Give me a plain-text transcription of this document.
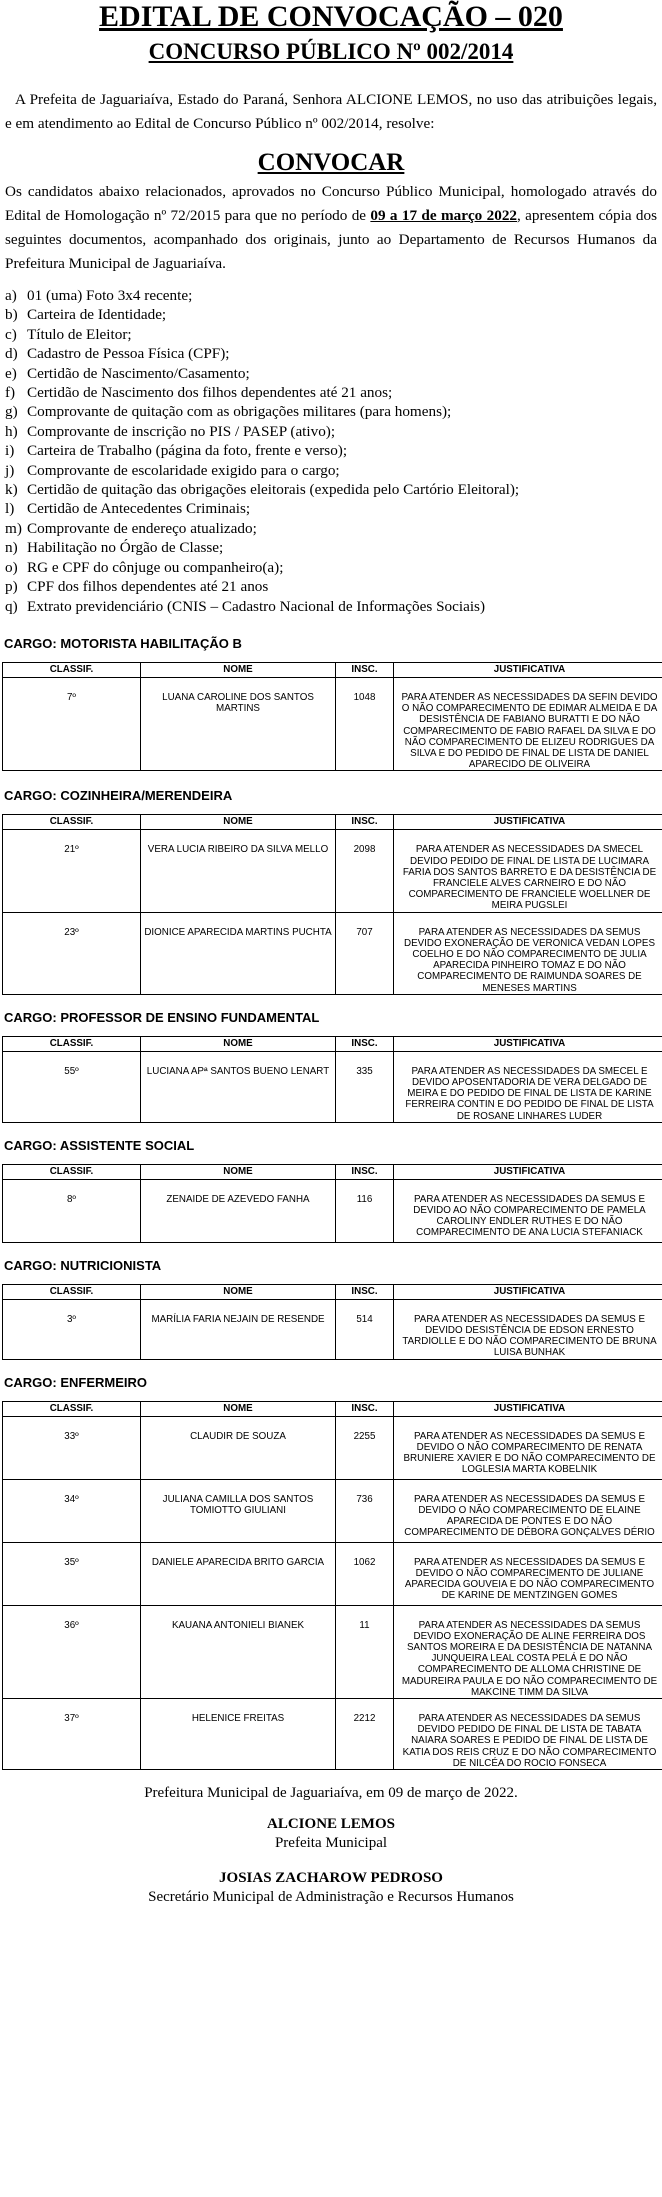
EDITAL DE CONVOCAÇÃO – 020
CONCURSO PÚBLICO Nº 002/2014

A Prefeita de Jaguariaíva, Estado do Paraná, Senhora ALCIONE LEMOS, no uso das atribuições legais, e em atendimento ao Edital de Concurso Público nº 002/2014, resolve:

CONVOCAR

Os candidatos abaixo relacionados, aprovados no Concurso Público Municipal, homologado através do Edital de Homologação nº 72/2015 para que no período de 09 a 17 de março 2022, apresentem cópia dos seguintes documentos, acompanhado dos originais, junto ao Departamento de Recursos Humanos da Prefeitura Municipal de Jaguariaíva.

a) 01 (uma) Foto 3x4 recente;
b) Carteira de Identidade;
c) Título de Eleitor;
d) Cadastro de Pessoa Física (CPF);
e) Certidão de Nascimento/Casamento;
f) Certidão de Nascimento dos filhos dependentes até 21 anos;
g) Comprovante de quitação com as obrigações militares (para homens);
h) Comprovante de inscrição no PIS / PASEP (ativo);
i) Carteira de Trabalho (página da foto, frente e verso);
j) Comprovante de escolaridade exigido para o cargo;
k) Certidão de quitação das obrigações eleitorais (expedida pelo Cartório Eleitoral);
l) Certidão de Antecedentes Criminais;
m) Comprovante de endereço atualizado;
n) Habilitação no Órgão de Classe;
o) RG e CPF do cônjuge ou companheiro(a);
p) CPF dos filhos dependentes até 21 anos
q) Extrato previdenciário (CNIS – Cadastro Nacional de Informações Sociais)
CARGO: MOTORISTA HABILITAÇÃO B
CLASSIF.	NOME	INSC.	JUSTIFICATIVA

7º	LUANA CAROLINE DOS SANTOS MARTINS	1048	PARA ATENDER AS NECESSIDADES DA SEFIN DEVIDO O NÃO COMPARECIMENTO DE EDIMAR ALMEIDA E DA DESISTÊNCIA DE FABIANO BURATTI E DO NÃO COMPARECIMENTO DE FABIO RAFAEL DA SILVA E DO NÃO COMPARECIMENTO DE ELIZEU RODRIGUES DA SILVA E DO PEDIDO DE FINAL DE LISTA DE DANIEL APARECIDO DE OLIVEIRA
CARGO: COZINHEIRA/MERENDEIRA
CLASSIF.	NOME	INSC.	JUSTIFICATIVA

21º	VERA LUCIA RIBEIRO DA SILVA MELLO	2098	PARA ATENDER AS NECESSIDADES DA SMECEL DEVIDO PEDIDO DE FINAL DE LISTA DE LUCIMARA FARIA DOS SANTOS BARRETO E DA DESISTÊNCIA DE FRANCIELE ALVES CARNEIRO E DO NÃO COMPARECIMENTO DE FRANCIELE WOELLNER DE MEIRA PUGSLEI

23º	DIONICE APARECIDA MARTINS PUCHTA	707	PARA ATENDER AS NECESSIDADES DA SEMUS DEVIDO EXONERAÇÃO DE VERONICA VEDAN LOPES COELHO E DO NÃO COMPARECIMENTO DE JULIA APARECIDA PINHEIRO TOMAZ E DO NÃO COMPARECIMENTO DE RAIMUNDA SOARES DE MENESES MARTINS
CARGO: PROFESSOR DE ENSINO FUNDAMENTAL
CLASSIF.	NOME	INSC.	JUSTIFICATIVA

55º	LUCIANA APª SANTOS BUENO LENART	335	PARA ATENDER AS NECESSIDADES DA SMECEL E DEVIDO APOSENTADORIA DE VERA DELGADO DE MEIRA E DO PEDIDO DE FINAL DE LISTA DE KARINE FERREIRA CONTIN E DO PEDIDO DE FINAL DE LISTA DE ROSANE LINHARES LUDER
CARGO: ASSISTENTE SOCIAL
CLASSIF.	NOME	INSC.	JUSTIFICATIVA

8º	ZENAIDE DE AZEVEDO FANHA	116	PARA ATENDER AS NECESSIDADES DA SEMUS E DEVIDO AO NÃO COMPARECIMENTO DE PAMELA CAROLINY ENDLER RUTHES E DO NÃO COMPARECIMENTO DE ANA LUCIA STEFANIACK
CARGO: NUTRICIONISTA
CLASSIF.	NOME	INSC.	JUSTIFICATIVA

3º	MARÍLIA FARIA NEJAIN DE RESENDE	514	PARA ATENDER AS NECESSIDADES DA SEMUS E DEVIDO DESISTÊNCIA DE EDSON ERNESTO TARDIOLLE E DO NÃO COMPARECIMENTO DE BRUNA LUISA BUNHAK
CARGO: ENFERMEIRO
CLASSIF.	NOME	INSC.	JUSTIFICATIVA

33º	CLAUDIR DE SOUZA	2255	PARA ATENDER AS NECESSIDADES DA SEMUS E DEVIDO O NÃO COMPARECIMENTO DE RENATA BRUNIERE XAVIER E DO NÃO COMPARECIMENTO DE LOGLESIA MARTA KOBELNIK

34º	JULIANA CAMILLA DOS SANTOS TOMIOTTO GIULIANI	736	PARA ATENDER AS NECESSIDADES DA SEMUS E DEVIDO O NÃO COMPARECIMENTO DE ELAINE APARECIDA DE PONTES E DO NÃO COMPARECIMENTO DE DÉBORA GONÇALVES DÉRIO

35º	DANIELE APARECIDA BRITO GARCIA	1062	PARA ATENDER AS NECESSIDADES DA SEMUS E DEVIDO O NÃO COMPARECIMENTO DE JULIANE APARECIDA GOUVEIA E DO NÃO COMPARECIMENTO DE KARINE DE MENTZINGEN GOMES

36º	KAUANA ANTONIELI BIANEK	11	PARA ATENDER AS NECESSIDADES DA SEMUS DEVIDO EXONERAÇÃO DE ALINE FERREIRA DOS SANTOS MOREIRA E DA DESISTÊNCIA DE NATANNA JUNQUEIRA LEAL COSTA PELÁ E DO NÃO COMPARECIMENTO DE ALLOMA CHRISTINE DE MADUREIRA PAULA E DO NÃO COMPARECIMENTO DE MAKCINE TIMM DA SILVA

37º	HELENICE FREITAS	2212	PARA ATENDER AS NECESSIDADES DA SEMUS DEVIDO PEDIDO DE FINAL DE LISTA DE TABATA NAIARA SOARES E PEDIDO DE FINAL DE LISTA DE KATIA DOS REIS CRUZ E DO NÃO COMPARECIMENTO DE NILCÉA DO ROCIO FONSECA

Prefeitura Municipal de Jaguariaíva, em 09 de março de 2022.

ALCIONE LEMOS

Prefeita Municipal

JOSIAS ZACHAROW PEDROSO

Secretário Municipal de Administração e Recursos Humanos
